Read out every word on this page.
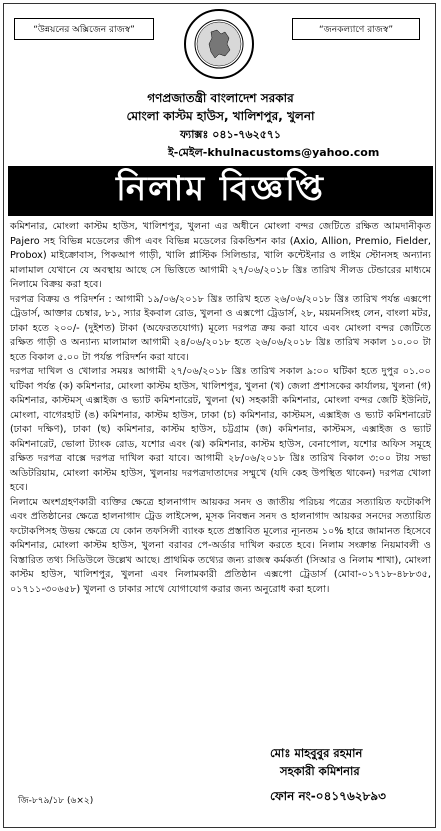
“উন্নয়নের অক্সিজেন রাজস্ব”	“জনকল্যাণে রাজস্ব”
গণপ্রজাতন্ত্রী বাংলাদেশ সরকার
মোংলা কাস্টম হাউস, খালিশপুর, খুলনা
ফ্যাক্সঃ ০৪১-৭৬২৫৭১
ই-মেইল-khulnacustoms@yahoo.com
নিলাম বিজ্ঞপ্তি

কমিশনার, মোংলা কাস্টম হাউস, খালিশপুর, খুলনা এর অধীনে মোংলা বন্দর জেটিতে রক্ষিত আমদানীকৃত Pajero সহ বিভিন্ন মডেলের জীপ এবং বিভিন্ন মডেলের রিকন্ডিশন কার (Axio, Allion, Premio, Fielder, Probox) মাইক্রোবাস, পিকআপ গাড়ী, খালি প্লাস্টিক সিলিন্ডার, খালি কন্টেইনার ও লাইম স্টোনসহ অন্যান্য মালামাল যেখানে যে অবস্থায় আছে সে ভিত্তিতে আগামী ২৭/০৬/২০১৮ খ্রিঃ তারিখ সীলড টেন্ডারের মাধ্যমে নিলামে বিক্রয় করা হবে।

দরপত্র বিক্রয় ও পরিদর্শন : আগামী ১৯/০৬/২০১৮ খ্রিঃ তারিখ হতে ২৬/০৬/২০১৮ খ্রিঃ তারিখ পর্যন্ত এক্সপো ট্রেডার্স, আক্তার চেম্বার, ৮১, স্যার ইকবাল রোড, খুলনা ও এক্সপো ট্রেডার্স, ২৮, ময়মনসিংহ লেন, বাংলা মটর, ঢাকা হতে ২০০/- (দুইশত) টাকা (অফেরতযোগ্য) মূল্যে দরপত্র ক্রয় করা যাবে এবং মোংলা বন্দর জেটিতে রক্ষিত গাড়ী ও অন্যান্য মালামাল আগামী ২৪/০৬/২০১৮ হতে ২৬/০৬/২০১৮ খ্রিঃ তারিখ সকাল ১০.০০ টা হতে বিকাল ৫.০০ টা পর্যন্ত পরিদর্শন করা যাবে।

দরপত্র দাখিল ও খোলার সময়ঃ আগামী ২৭/০৬/২০১৮ খ্রিঃ তারিখ সকাল ৯:০০ ঘটিকা হতে দুপুর ০১.০০ ঘটিকা পর্যন্ত (ক) কমিশনার, মোংলা কাস্টম হাউস, খালিশপুর, খুলনা (খ) জেলা প্রশাসকের কার্যালয়, খুলনা (গ) কমিশনার, কাস্টমস্ এক্সাইজ ও ভ্যাট কমিশনারেট, খুলনা (ঘ) সহকারী কমিশনার, মোংলা বন্দর জেটি ইউনিট, মোংলা, বাগেরহাট (ঙ) কমিশনার, কাস্টম হাউস, ঢাকা (চ) কমিশনার, কাস্টমস, এক্সাইজ ও ভ্যাট কমিশনারেট (ঢাকা দক্ষিণ), ঢাকা (ছ) কমিশনার, কাস্টম হাউস, চট্টগ্রাম (জ) কমিশনার, কাস্টমস, এক্সাইজ ও ভ্যাট কমিশনারেট, ভোলা ট্যাংক রোড, যশোর এবং (ঝ) কমিশনার, কাস্টম হাউস, বেনাপোল, যশোর অফিস সমূহে রক্ষিত দরপত্র বাক্সে দরপত্র দাখিল করা যাবে। আগামী ২৮/০৬/২০১৮ খ্রিঃ তারিখ বিকাল ৩:০০ টায় সভা অডিটরিয়াম, মোংলা কাস্টম হাউস, খুলনায় দরপত্রদাতাদের সম্মুখে (যদি কেহ উপস্থিত থাকেন) দরপত্র খোলা হবে।

নিলামে অংশগ্রহণকারী ব্যক্তির ক্ষেত্রে হালনাগাদ আয়কর সনদ ও জাতীয় পরিচয় পত্রের সত্যায়িত ফটোকপি এবং প্রতিষ্ঠানের ক্ষেত্রে হালনাগাদ ট্রেড লাইসেন্স, মূসক নিবন্ধন সনদ ও হালনাগাদ আয়কর সনদের সত্যায়িত ফটোকপিসহ উভয় ক্ষেত্রে যে কোন তফসিলী ব্যাংক হতে প্রস্তাবিত মূল্যের ন্যূনতম ১০% হারে জামানত হিসেবে কমিশনার, মোংলা কাস্টম হাউস, খুলনা বরাবর পে-অর্ডার দাখিল করতে হবে। নিলাম সংক্রান্ত নিয়মাবলী ও বিস্তারিত তথ্য সিডিউলে উল্লেখ আছে। প্রাথমিক তথ্যের জন্য রাজস্ব কর্মকর্তা (সিআর ও নিলাম শাখা), মোংলা কাস্টম হাউস, খালিশপুর, খুলনা এবং নিলামকারী প্রতিষ্ঠান এক্সপো ট্রেডার্স (মোবা-০১৭১৮-৪৮৮৩৫, ০১৭১১-৩০৬৫৮) খুলনা ও ঢাকার সাথে যোগাযোগ করার জন্য অনুরোধ করা হলো।

মোঃ মাহবুবুর রহমান
সহকারী কমিশনার
ফোন নং-০৪১৭৬২৮৯৩
জি-৮৭৯/১৮ (৬×২)
